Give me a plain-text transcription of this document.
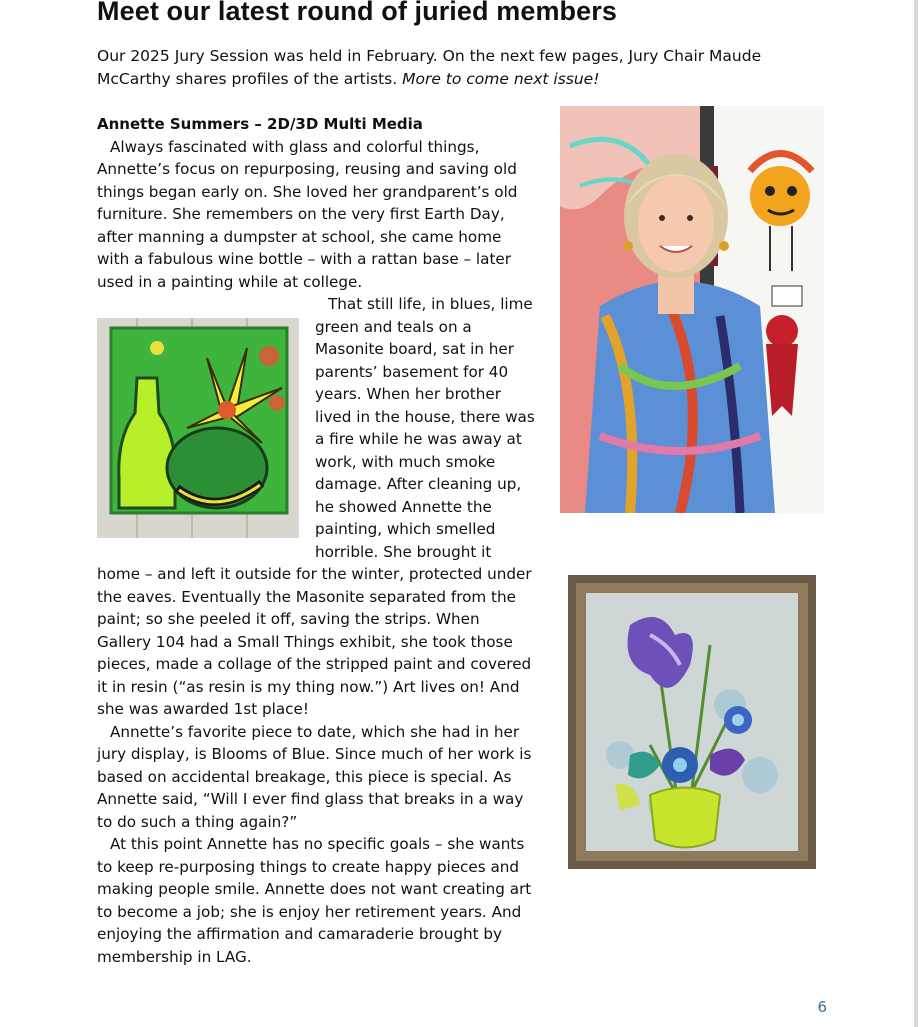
Meet our latest round of juried members

Our 2025 Jury Session was held in February. On the next few pages, Jury Chair Maude McCarthy shares profiles of the artists. More to come next issue!

Annette Summers – 2D/3D Multi Media

Always fascinated with glass and colorful things, Annette’s focus on repurposing, reusing and saving old things began early on. She loved her grandparent’s old furniture. She remembers on the very first Earth Day, after manning a dumpster at school, she came home with a fabulous wine bottle – with a rattan base – later used in a painting while at college.

That still life, in blues, lime green and teals on a Masonite board, sat in her parents’ basement for 40 years. When her brother lived in the house, there was a fire while he was away at work, with much smoke damage. After cleaning up, he showed Annette the painting, which smelled horrible. She brought it home – and left it outside for the winter, protected under the eaves. Eventually the Masonite separated from the paint; so she peeled it off, saving the strips. When Gallery 104 had a Small Things exhibit, she took those pieces, made a collage of the stripped paint and covered it in resin (“as resin is my thing now.”) Art lives on! And she was awarded 1st place!

Annette’s favorite piece to date, which she had in her jury display, is Blooms of Blue. Since much of her work is based on accidental breakage, this piece is special. As Annette said, “Will I ever find glass that breaks in a way to do such a thing again?”

At this point Annette has no specific goals – she wants to keep re-purposing things to create happy pieces and making people smile. Annette does not want creating art to become a job; she is enjoy her retirement years. And enjoying the affirmation and camaraderie brought by membership in LAG.

6
